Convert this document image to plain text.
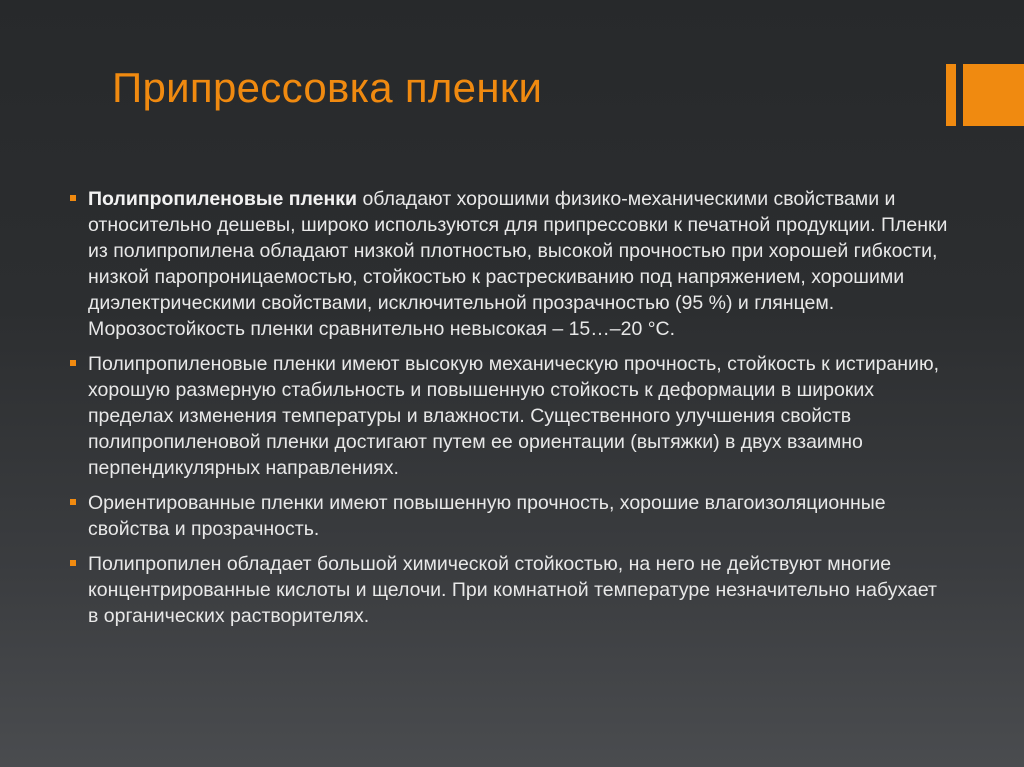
Припрессовка пленки
Полипропиленовые пленки обладают хорошими физико-механическими свойствами и относительно дешевы, широко используются для припрессовки к печатной продукции. Пленки из полипропилена обладают низкой плотностью, высокой прочностью при хорошей гибкости, низкой паропроницаемостью, стойкостью к растрескиванию под напряжением, хорошими диэлектрическими свойствами, исключительной прозрачностью (95 %) и глянцем. Морозостойкость пленки сравнительно невысокая – 15…–20 °С.
Полипропиленовые пленки имеют высокую механическую прочность, стойкость к истиранию, хорошую размерную стабильность и повышенную стойкость к деформации в широких пределах изменения температуры и влажности. Существенного улучшения свойств полипропиленовой пленки достигают путем ее ориентации (вытяжки) в двух взаимно перпендикулярных направлениях.
Ориентированные пленки имеют повышенную прочность, хорошие влагоизоляционные свойства и прозрачность.
Полипропилен обладает большой химической стойкостью, на него не действуют многие концентрированные кислоты и щелочи. При комнатной температуре незначительно набухает в органических растворителях.
